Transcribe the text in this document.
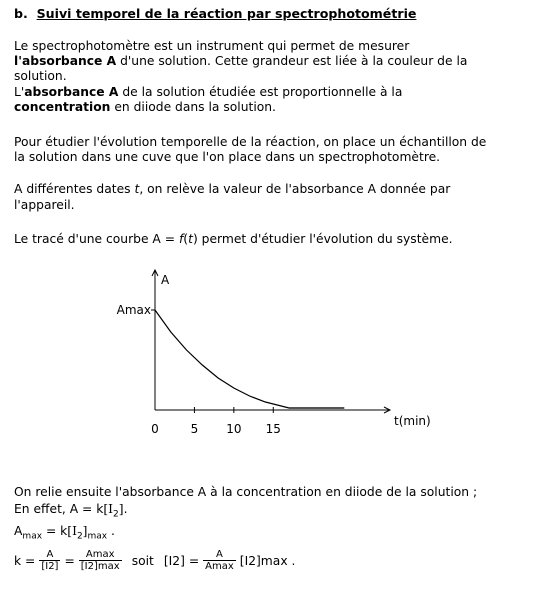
b. Suivi temporel de la réaction par spectrophotométrie
Le spectrophotomètre est un instrument qui permet de mesurer
l'absorbance A d'une solution. Cette grandeur est liée à la couleur de la
solution.
L'absorbance A de la solution étudiée est proportionnelle à la
concentration en diiode dans la solution.
Pour étudier l'évolution temporelle de la réaction, on place un échantillon de
la solution dans une cuve que l'on place dans un spectrophotomètre.
A différentes dates t, on relève la valeur de l'absorbance A donnée par
l'appareil.
Le tracé d'une courbe A = f(t) permet d'étudier l'évolution du système.
0	5 10 15
Amax
A
t(min)
On relie ensuite l'absorbance A à la concentration en diiode de la solution ;
En effet, $A = k[I_2]$.
$A_{max} = k[I_2]_{max}$ .
$k = \frac{A}{[I2]} = \frac{Amax}{[I2]\max}$ soit $[I2] = \frac{A}{Amax} [I2]\max$ .
